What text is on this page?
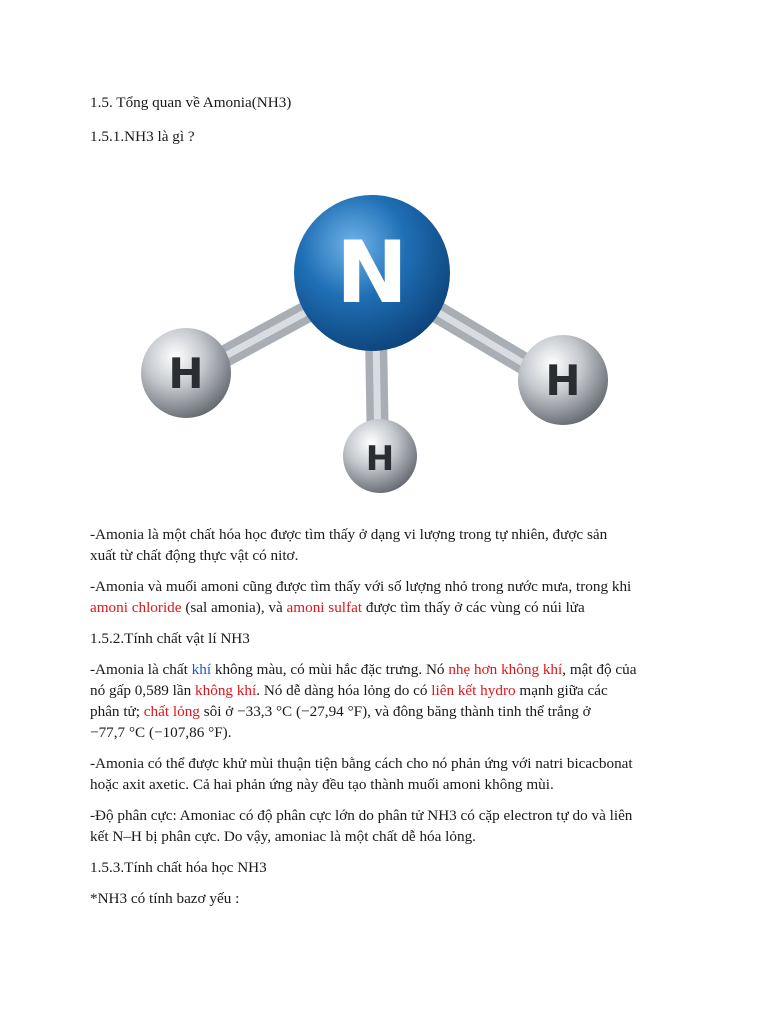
1.5. Tổng quan về Amonia(NH3)
1.5.1.NH3 là gì ?
H	H
H
N
-Amonia là một chất hóa học được tìm thấy ở dạng vi lượng trong tự nhiên, được sản
xuất từ chất động thực vật có nitơ.
-Amonia và muối amoni cũng được tìm thấy với số lượng nhỏ trong nước mưa, trong khi
amoni chloride (sal amonia), và amoni sulfat được tìm thấy ở các vùng có núi lửa
1.5.2.Tính chất vật lí NH3
-Amonia là chất khí không màu, có mùi hắc đặc trưng. Nó nhẹ hơn không khí, mật độ của
nó gấp 0,589 lần không khí. Nó dễ dàng hóa lỏng do có liên kết hydro mạnh giữa các
phân tử; chất lỏng sôi ở −33,3 °C (−27,94 °F), và đông băng thành tinh thể trắng ở
−77,7 °C (−107,86 °F).
-Amonia có thể được khử mùi thuận tiện bằng cách cho nó phản ứng với natri bicacbonat
hoặc axit axetic. Cả hai phản ứng này đều tạo thành muối amoni không mùi.
-Độ phân cực: Amoniac có độ phân cực lớn do phân tử NH3 có cặp electron tự do và liên
kết N–H bị phân cực. Do vậy, amoniac là một chất dễ hóa lỏng.
1.5.3.Tính chất hóa học NH3
*NH3 có tính bazơ yếu :
